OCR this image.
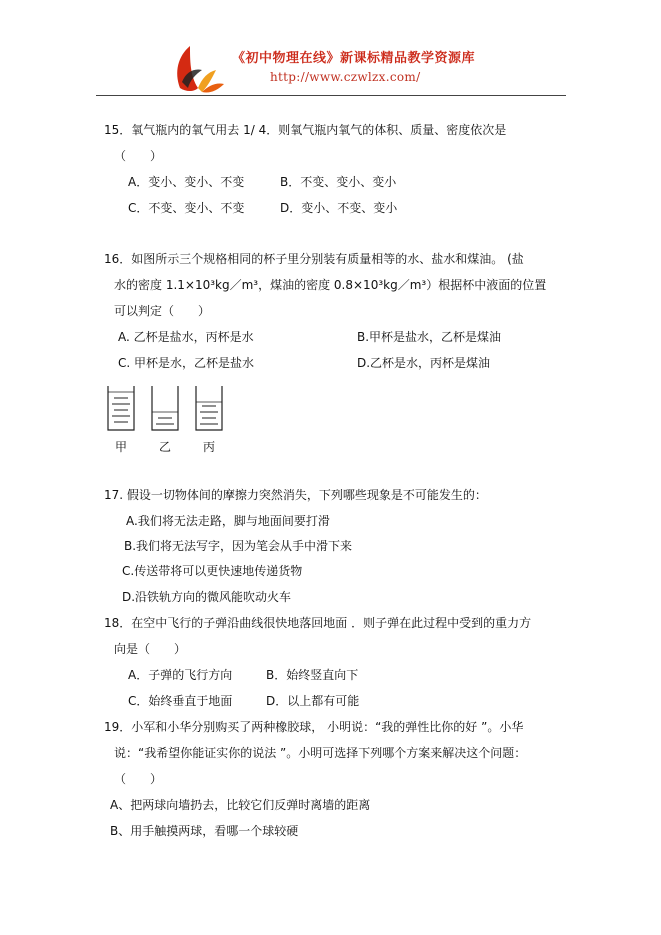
《初中物理在线》新课标精品教学资源库
http://www.czwlzx.com/
15．氧气瓶内的氧气用去 1/ 4．则氧气瓶内氧气的体积、质量、密度依次是
（　　）
A．变小、变小、不变	B．不变、变小、变小
C．不变、变小、不变	D．变小、不变、变小
16．如图所示三个规格相同的杯子里分别装有质量相等的水、盐水和煤油。 (盐
水的密度 1.1×10³kg／m³，煤油的密度 0.8×10³kg／m³）根据杯中液面的位置
可以判定（　　）
A. 乙杯是盐水，丙杯是水	B.甲杯是盐水，乙杯是煤油
C. 甲杯是水，乙杯是盐水	D.乙杯是水，丙杯是煤油
甲	乙	丙
17. 假设一切物体间的摩擦力突然消失，下列哪些现象是不可能发生的：
A.我们将无法走路，脚与地面间要打滑
B.我们将无法写字，因为笔会从手中滑下来
C.传送带将可以更快速地传递货物
D.沿铁轨方向的微风能吹动火车
18．在空中飞行的子弹沿曲线很快地落回地面 ．则子弹在此过程中受到的重力方
向是（　　）
A．子弹的飞行方向	B．始终竖直向下
C．始终垂直于地面	D．以上都有可能
19．小军和小华分别购买了两种橡胶球， 小明说：“我的弹性比你的好 ”。小华
说：“我希望你能证实你的说法 ”。小明可选择下列哪个方案来解决这个问题：
（　　）
A、把两球向墙扔去，比较它们反弹时离墙的距离
B、用手触摸两球，看哪一个球较硬
